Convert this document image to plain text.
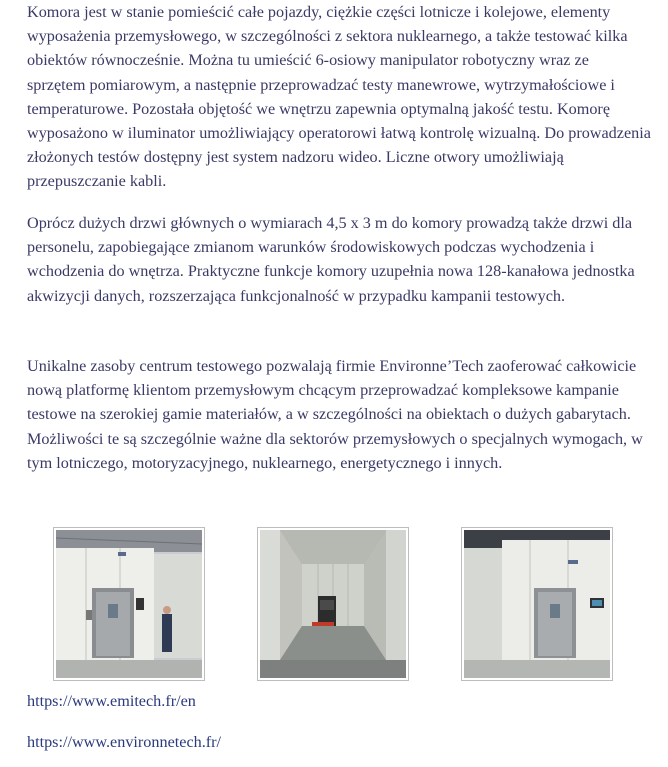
Komora jest w stanie pomieścić całe pojazdy, ciężkie części lotnicze i kolejowe, elementy wyposażenia przemysłowego, w szczególności z sektora nuklearnego, a także testować kilka obiektów równocześnie. Można tu umieścić 6-osiowy manipulator robotyczny wraz ze sprzętem pomiarowym, a następnie przeprowadzać testy manewrowe, wytrzymałościowe i temperaturowe. Pozostała objętość we wnętrzu zapewnia optymalną jakość testu. Komorę wyposażono w iluminator umożliwiający operatorowi łatwą kontrolę wizualną. Do prowadzenia złożonych testów dostępny jest system nadzoru wideo. Liczne otwory umożliwiają przepuszczanie kabli.

Oprócz dużych drzwi głównych o wymiarach 4,5 x 3 m do komory prowadzą także drzwi dla personelu, zapobiegające zmianom warunków środowiskowych podczas wychodzenia i wchodzenia do wnętrza. Praktyczne funkcje komory uzupełnia nowa 128-kanałowa jednostka akwizycji danych, rozszerzająca funkcjonalność w przypadku kampanii testowych.

Unikalne zasoby centrum testowego pozwalają firmie Environne’Tech zaoferować całkowicie nową platformę klientom przemysłowym chcącym przeprowadzać kompleksowe kampanie testowe na szerokiej gamie materiałów, a w szczególności na obiektach o dużych gabarytach. Możliwości te są szczególnie ważne dla sektorów przemysłowych o specjalnych wymogach, w tym lotniczego, motoryzacyjnego, nuklearnego, energetycznego i innych.

https://www.emitech.fr/en
https://www.environnetech.fr/
